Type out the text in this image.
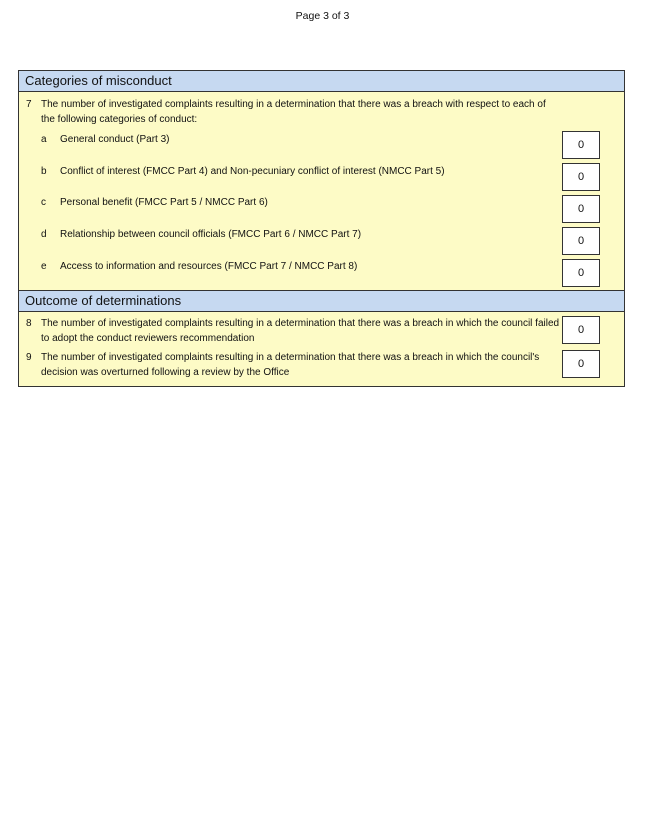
Page 3 of 3
Categories of misconduct
7 The number of investigated complaints resulting in a determination that there was a breach with respect to each of the following categories of conduct:
a General conduct (Part 3)	0
b Conflict of interest (FMCC Part 4) and Non-pecuniary conflict of interest (NMCC Part 5)	0
c Personal benefit (FMCC Part 5 / NMCC Part 6)
0
d Relationship between council officials (FMCC Part 6 / NMCC Part 7)
0
e Access to information and resources (FMCC Part 7 / NMCC Part 8)
0
Outcome of determinations
8 The number of investigated complaints resulting in a determination that there was a breach in which the council failed to adopt the conduct reviewers recommendation
0
9 The number of investigated complaints resulting in a determination that there was a breach in which the council's decision was overturned following a review by the Office
0
